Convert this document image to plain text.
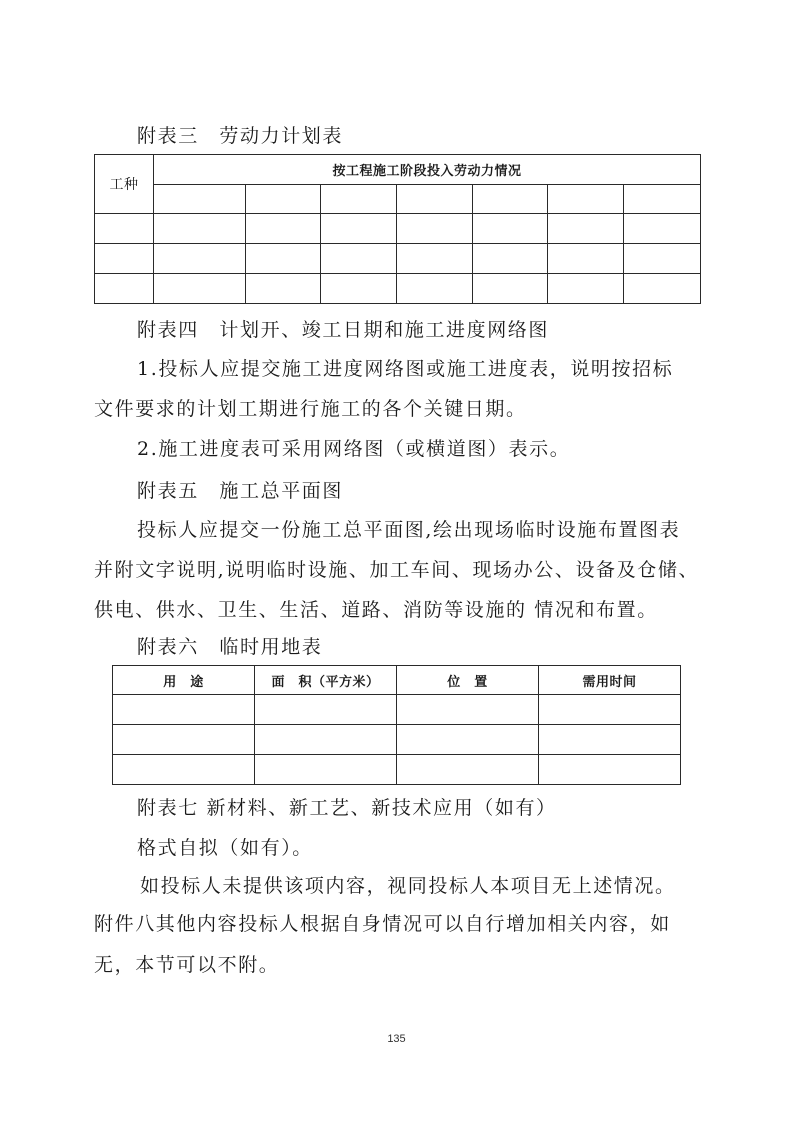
附表三　劳动力计划表
工种	按工程施工阶段投入劳动力情况						

附表四　计划开、竣工日期和施工进度网络图
1.投标人应提交施工进度网络图或施工进度表，说明按招标
文件要求的计划工期进行施工的各个关键日期。
2.施工进度表可采用网络图（或横道图）表示。
附表五　施工总平面图
投标人应提交一份施工总平面图,绘出现场临时设施布置图表
并附文字说明,说明临时设施、加工车间、现场办公、设备及仓储、
供电、供水、卫生、生活、道路、消防等设施的 情况和布置。
附表六　临时用地表
用　途	面　积（平方米）	位　置	需用时间

附表七 新材料、新工艺、新技术应用（如有）
格式自拟（如有）。
如投标人未提供该项内容，视同投标人本项目无上述情况。
附件八其他内容投标人根据自身情况可以自行增加相关内容，如
无，本节可以不附。
135
